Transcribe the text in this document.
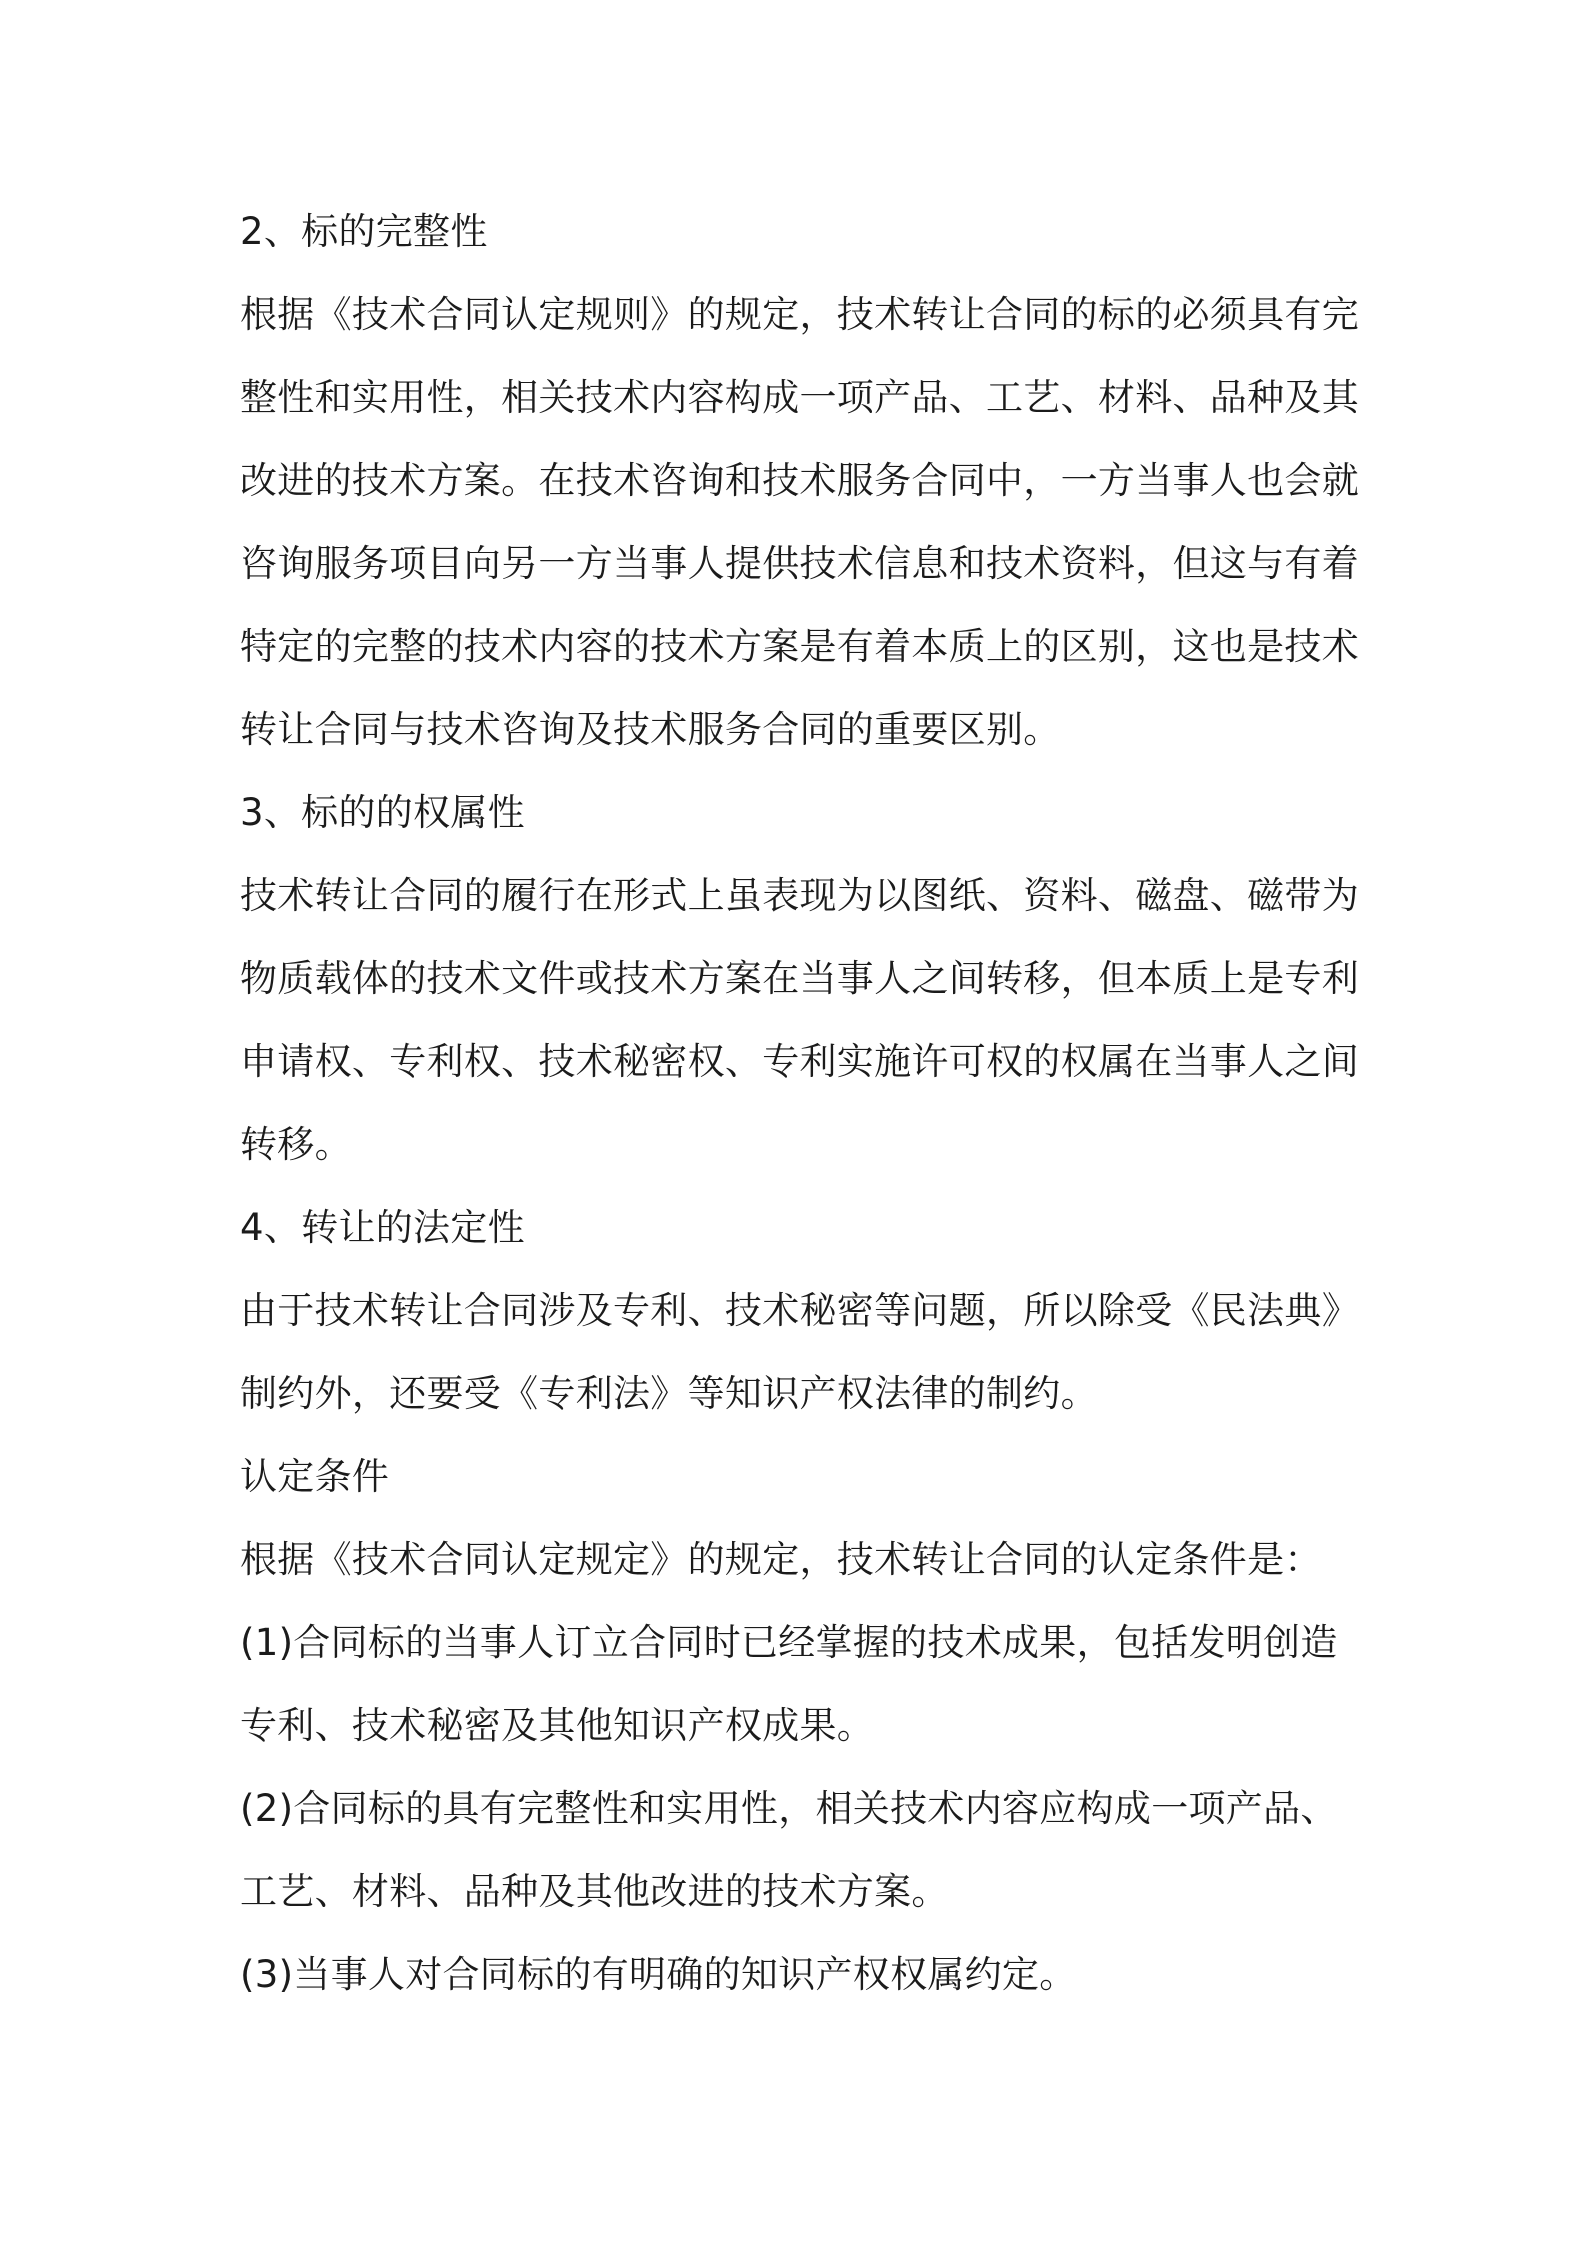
2、标的完整性
根据《技术合同认定规则》的规定，技术转让合同的标的必须具有完
整性和实用性，相关技术内容构成一项产品、工艺、材料、品种及其
改进的技术方案。在技术咨询和技术服务合同中，一方当事人也会就
咨询服务项目向另一方当事人提供技术信息和技术资料，但这与有着
特定的完整的技术内容的技术方案是有着本质上的区别，这也是技术
转让合同与技术咨询及技术服务合同的重要区别。
3、标的的权属性
技术转让合同的履行在形式上虽表现为以图纸、资料、磁盘、磁带为
物质载体的技术文件或技术方案在当事人之间转移，但本质上是专利
申请权、专利权、技术秘密权、专利实施许可权的权属在当事人之间
转移。
4、转让的法定性
由于技术转让合同涉及专利、技术秘密等问题，所以除受《民法典》
制约外，还要受《专利法》等知识产权法律的制约。
认定条件
根据《技术合同认定规定》的规定，技术转让合同的认定条件是：
(1)合同标的当事人订立合同时已经掌握的技术成果，包括发明创造
专利、技术秘密及其他知识产权成果。
(2)合同标的具有完整性和实用性，相关技术内容应构成一项产品、
工艺、材料、品种及其他改进的技术方案。
(3)当事人对合同标的有明确的知识产权权属约定。
